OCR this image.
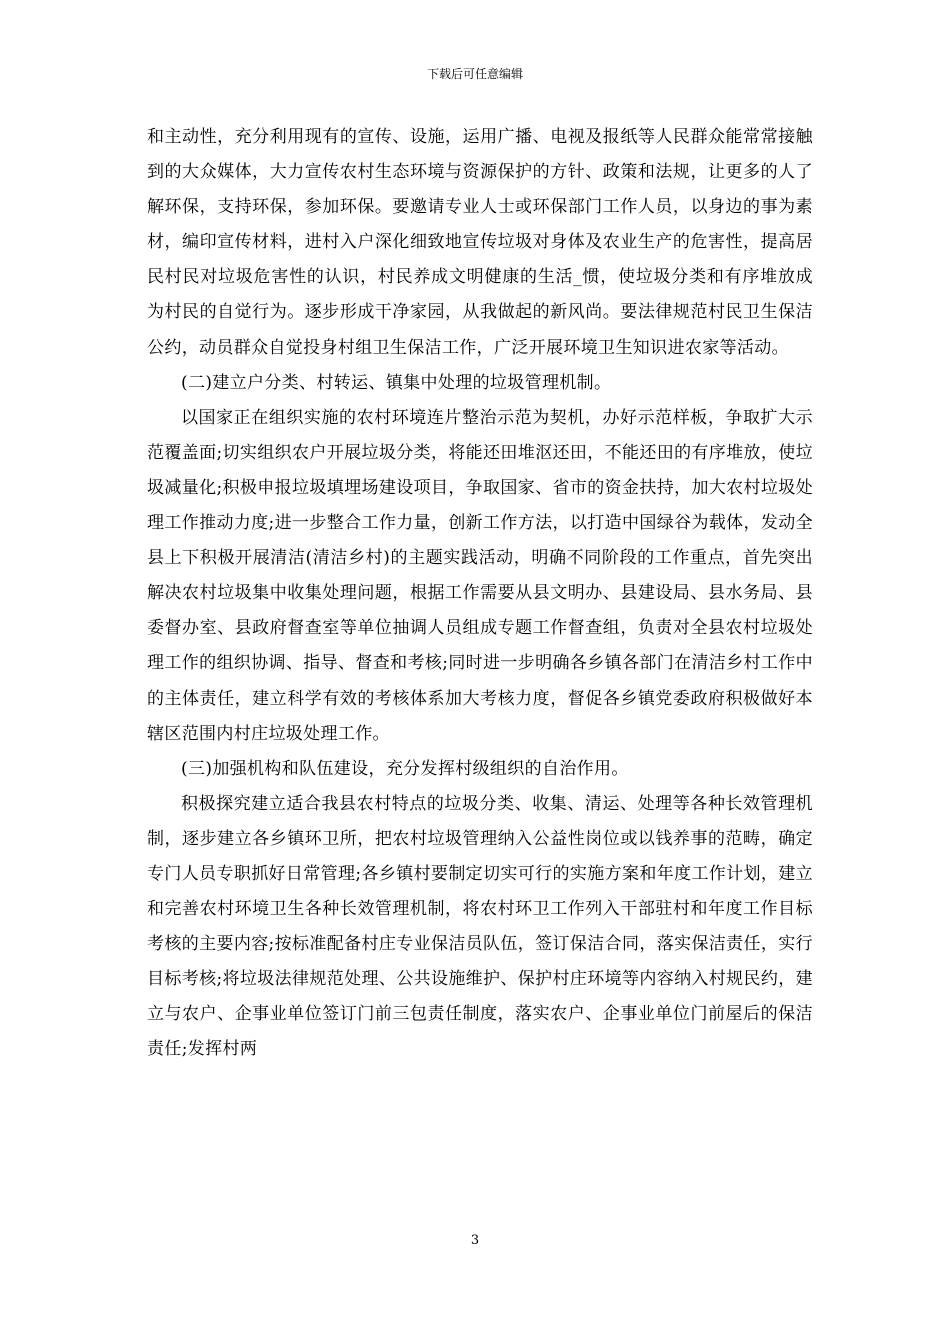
下载后可任意编辑

和主动性，充分利用现有的宣传、设施，运用广播、电视及报纸等人民群众能常常接触到的大众媒体，大力宣传农村生态环境与资源保护的方针、政策和法规，让更多的人了解环保，支持环保，参加环保。要邀请专业人士或环保部门工作人员，以身边的事为素材，编印宣传材料，进村入户深化细致地宣传垃圾对身体及农业生产的危害性，提高居民村民对垃圾危害性的认识，村民养成文明健康的生活_惯，使垃圾分类和有序堆放成为村民的自觉行为。逐步形成干净家园，从我做起的新风尚。要法律规范村民卫生保洁公约，动员群众自觉投身村组卫生保洁工作，广泛开展环境卫生知识进农家等活动。

(二)建立户分类、村转运、镇集中处理的垃圾管理机制。

以国家正在组织实施的农村环境连片整治示范为契机，办好示范样板，争取扩大示范覆盖面;切实组织农户开展垃圾分类，将能还田堆沤还田，不能还田的有序堆放，使垃圾减量化;积极申报垃圾填埋场建设项目，争取国家、省市的资金扶持，加大农村垃圾处理工作推动力度;进一步整合工作力量，创新工作方法，以打造中国绿谷为载体，发动全县上下积极开展清洁(清洁乡村)的主题实践活动，明确不同阶段的工作重点，首先突出解决农村垃圾集中收集处理问题，根据工作需要从县文明办、县建设局、县水务局、县委督办室、县政府督查室等单位抽调人员组成专题工作督查组，负责对全县农村垃圾处理工作的组织协调、指导、督查和考核;同时进一步明确各乡镇各部门在清洁乡村工作中的主体责任，建立科学有效的考核体系加大考核力度，督促各乡镇党委政府积极做好本辖区范围内村庄垃圾处理工作。

(三)加强机构和队伍建设，充分发挥村级组织的自治作用。

积极探究建立适合我县农村特点的垃圾分类、收集、清运、处理等各种长效管理机制，逐步建立各乡镇环卫所，把农村垃圾管理纳入公益性岗位或以钱养事的范畴，确定专门人员专职抓好日常管理;各乡镇村要制定切实可行的实施方案和年度工作计划，建立和完善农村环境卫生各种长效管理机制，将农村环卫工作列入干部驻村和年度工作目标考核的主要内容;按标准配备村庄专业保洁员队伍，签订保洁合同，落实保洁责任，实行目标考核;将垃圾法律规范处理、公共设施维护、保护村庄环境等内容纳入村规民约，建立与农户、企事业单位签订门前三包责任制度，落实农户、企事业单位门前屋后的保洁责任;发挥村两

3
